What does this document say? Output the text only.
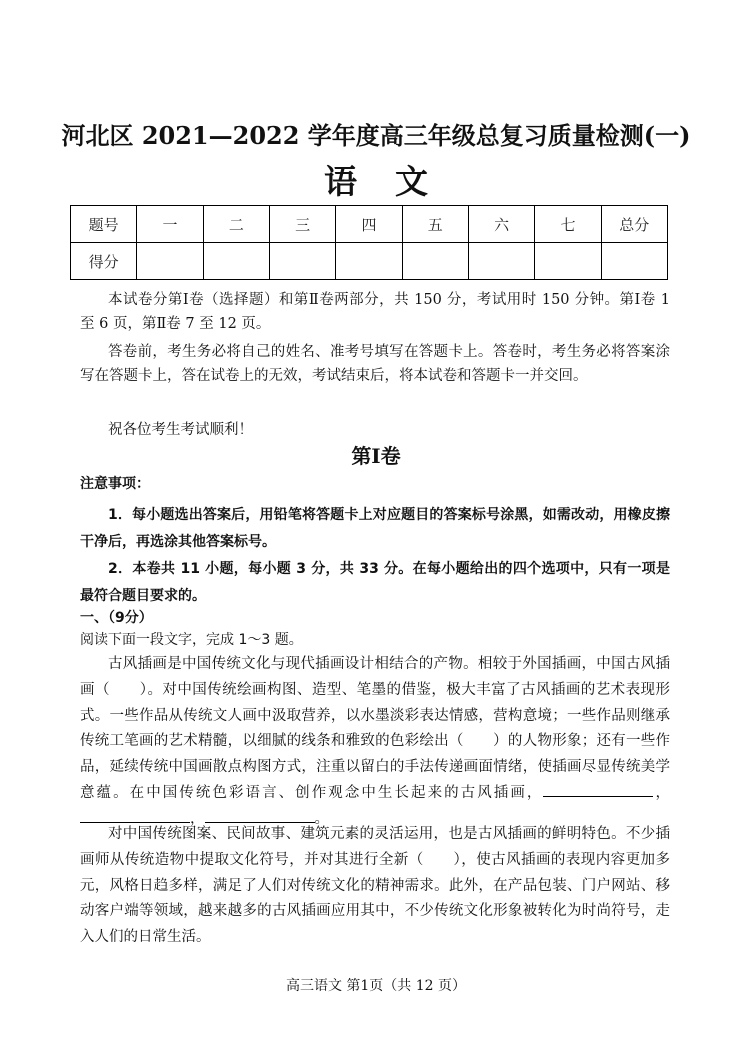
河北区 2021—2022 学年度高三年级总复习质量检测(一)
语文
题号	一	二	三	四	五	六	七	总分
得分								
本试卷分第Ⅰ卷（选择题）和第Ⅱ卷两部分，共 150 分，考试用时 150 分钟。第Ⅰ卷 1 至 6 页，第Ⅱ卷 7 至 12 页。
答卷前，考生务必将自己的姓名、准考号填写在答题卡上。答卷时，考生务必将答案涂写在答题卡上，答在试卷上的无效，考试结束后，将本试卷和答题卡一并交回。
祝各位考生考试顺利！
第Ⅰ卷
注意事项：
1．每小题选出答案后，用铅笔将答题卡上对应题目的答案标号涂黑，如需改动，用橡皮擦干净后，再选涂其他答案标号。
2．本卷共 11 小题，每小题 3 分，共 33 分。在每小题给出的四个选项中，只有一项是最符合题目要求的。
一、（9分）
阅读下面一段文字，完成 1～3 题。
古风插画是中国传统文化与现代插画设计相结合的产物。相较于外国插画，中国古风插画（　　）。对中国传统绘画构图、造型、笔墨的借鉴，极大丰富了古风插画的艺术表现形式。一些作品从传统文人画中汲取营养，以水墨淡彩表达情感，营构意境；一些作品则继承传统工笔画的艺术精髓，以细腻的线条和雅致的色彩绘出（　　）的人物形象；还有一些作品，延续传统中国画散点构图方式，注重以留白的手法传递画面情绪，使插画尽显传统美学意蕴。在中国传统色彩语言、创作观念中生长起来的古风插画，	，，	。
对中国传统图案、民间故事、建筑元素的灵活运用，也是古风插画的鲜明特色。不少插画师从传统造物中提取文化符号，并对其进行全新（　　），使古风插画的表现内容更加多元，风格日趋多样，满足了人们对传统文化的精神需求。此外，在产品包装、门户网站、移动客户端等领域，越来越多的古风插画应用其中，不少传统文化形象被转化为时尚符号，走入人们的日常生活。
高三语文 第1页（共 12 页）
